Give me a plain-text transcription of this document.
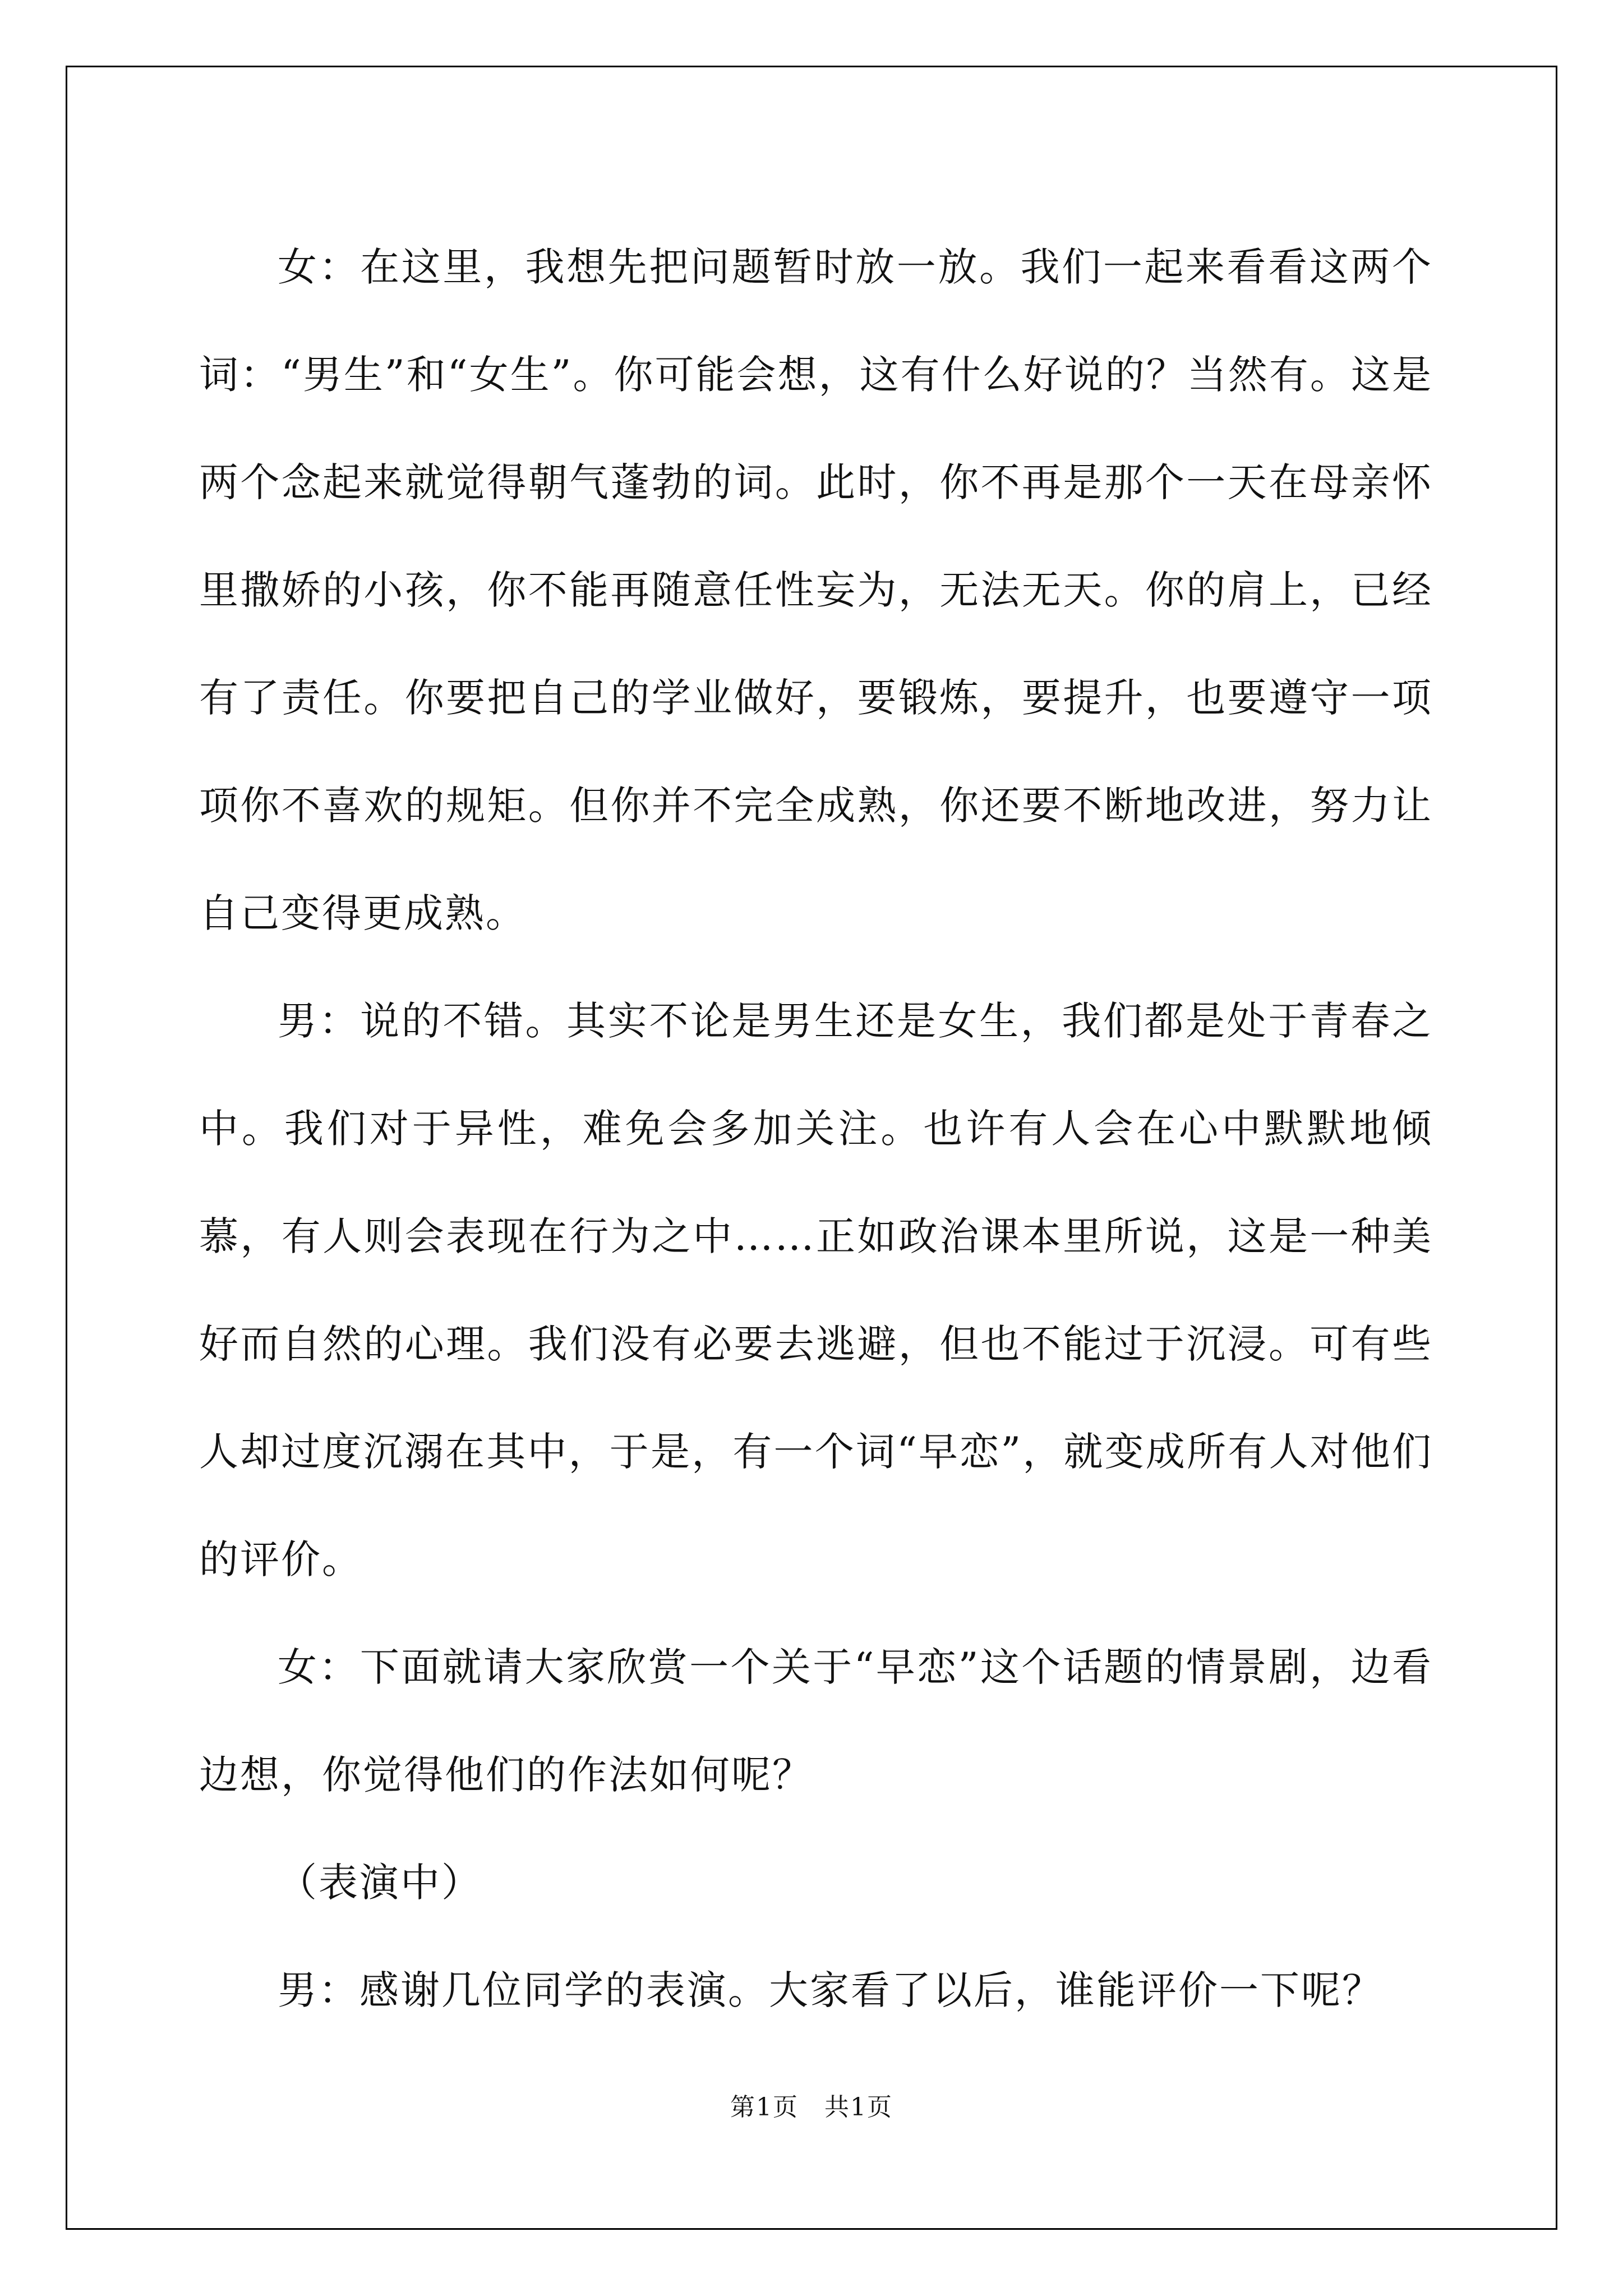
女：在这里，我想先把问题暂时放一放。我们一起来看看这两个词：“男生”和“女生”。你可能会想，这有什么好说的？当然有。这是两个念起来就觉得朝气蓬勃的词。此时，你不再是那个一天在母亲怀里撒娇的小孩，你不能再随意任性妄为，无法无天。你的肩上，已经有了责任。你要把自己的学业做好，要锻炼，要提升，也要遵守一项项你不喜欢的规矩。但你并不完全成熟，你还要不断地改进，努力让自己变得更成熟。

男：说的不错。其实不论是男生还是女生，我们都是处于青春之中。我们对于异性，难免会多加关注。也许有人会在心中默默地倾慕，有人则会表现在行为之中……正如政治课本里所说，这是一种美好而自然的心理。我们没有必要去逃避，但也不能过于沉浸。可有些人却过度沉溺在其中，于是，有一个词“早恋”，就变成所有人对他们的评价。

女：下面就请大家欣赏一个关于“早恋”这个话题的情景剧，边看边想，你觉得他们的作法如何呢？

（表演中）

男：感谢几位同学的表演。大家看了以后，谁能评价一下呢？

第1页　共1页
